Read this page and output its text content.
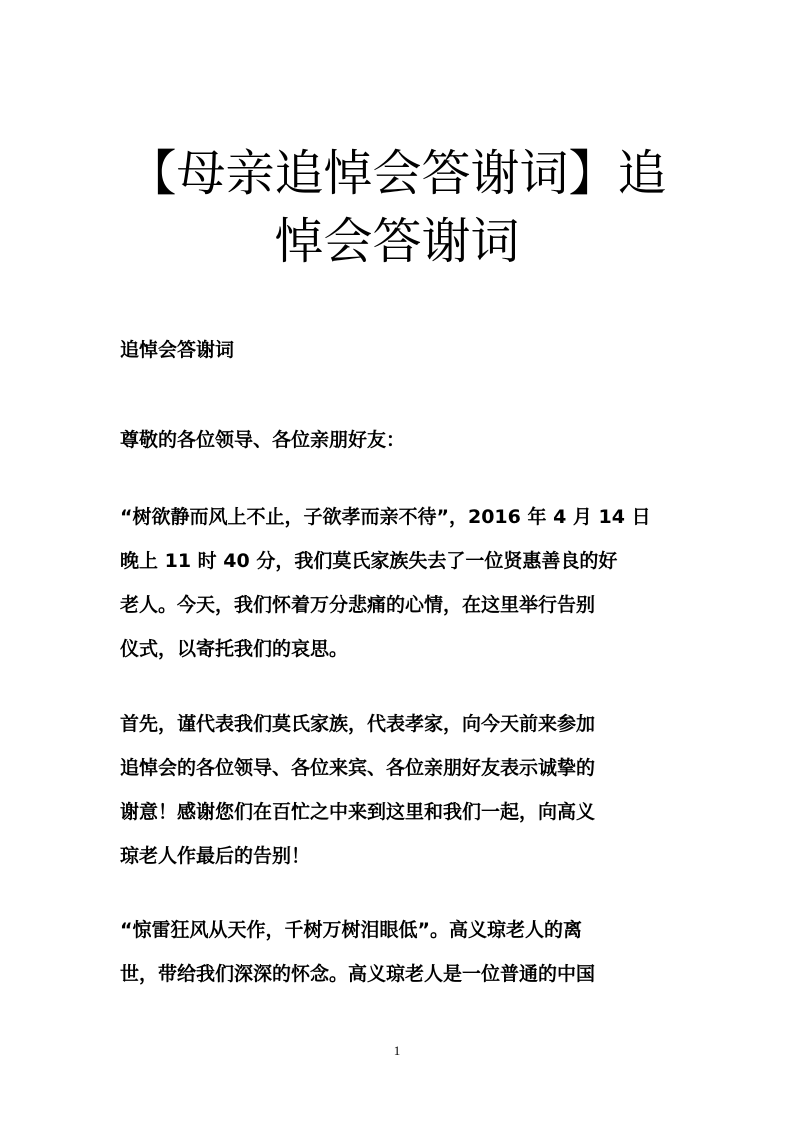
【母亲追悼会答谢词】追
悼会答谢词

追悼会答谢词

尊敬的各位领导、各位亲朋好友：

“树欲静而风上不止，子欲孝而亲不待”，2016 年 4 月 14 日
晚上 11 时 40 分，我们莫氏家族失去了一位贤惠善良的好
老人。今天，我们怀着万分悲痛的心情，在这里举行告别
仪式，以寄托我们的哀思。

首先，谨代表我们莫氏家族，代表孝家，向今天前来参加
追悼会的各位领导、各位来宾、各位亲朋好友表示诚挚的
谢意！感谢您们在百忙之中来到这里和我们一起，向高义
琼老人作最后的告别！

“惊雷狂风从天作，千树万树泪眼低”。高义琼老人的离
世，带给我们深深的怀念。高义琼老人是一位普通的中国

1
